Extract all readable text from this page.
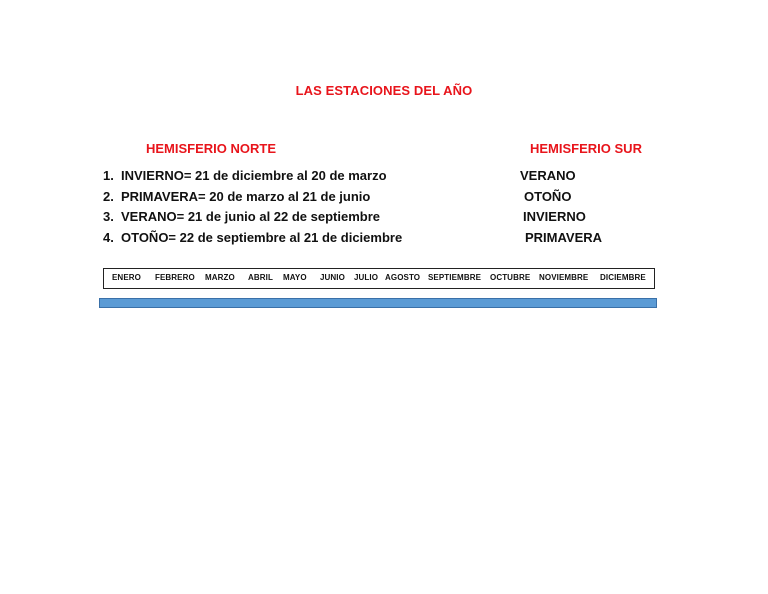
LAS ESTACIONES DEL AÑO
HEMISFERIO NORTE	HEMISFERIO SUR
1. INVIERNO= 21 de diciembre al 20 de marzo
2. PRIMAVERA= 20 de marzo al 21 de junio
3. VERANO= 21 de junio al 22 de septiembre
4. OTOÑO= 22 de septiembre al 21 de diciembre
VERANO
OTOÑO
INVIERNO
PRIMAVERA
ENERO FEBRERO MARZO ABRIL MAYO JUNIO JULIO AGOSTO SEPTIEMBRE OCTUBRE NOVIEMBRE DICIEMBRE
